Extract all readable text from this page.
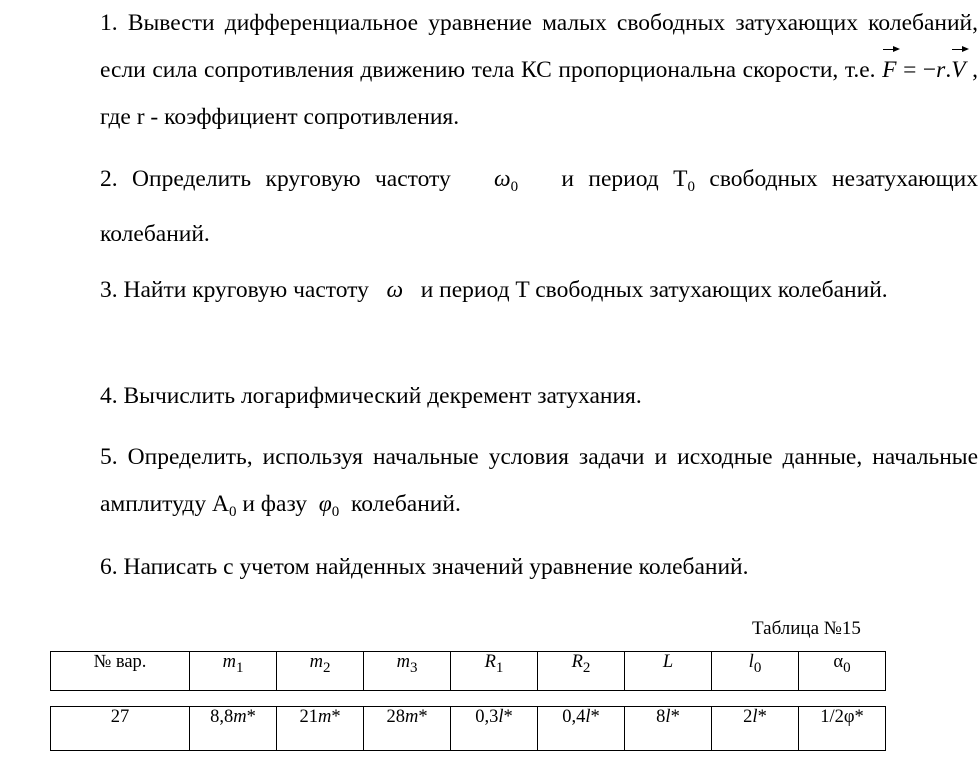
1. Вывести дифференциальное уравнение малых свободных затухающих колебаний, если сила сопротивления движению тела КС пропорциональна скорости, т.е. F = −r.V , где r - коэффициент сопротивления.

2. Определить круговую частоту $\omega_0$ и период $T_0$ свободных незатухающих колебаний.

3. Найти круговую частоту ω и период T свободных затухающих колебаний.

4. Вычислить логарифмический декремент затухания.

5. Определить, используя начальные условия задачи и исходные данные, начальные амплитуду $A_0$ и фазу $\varphi_0$ колебаний.

6. Написать с учетом найденных значений уравнение колебаний.

Таблица №15
№ вар.	$m_1$	$m_2$	$m_3$	$R_1$	$R_2$	L	$l_0$	$\alpha_0$
27	8,8m*	21m*	28m*	0,3l*	0,4l*	8l*	2l*	1/2φ*
